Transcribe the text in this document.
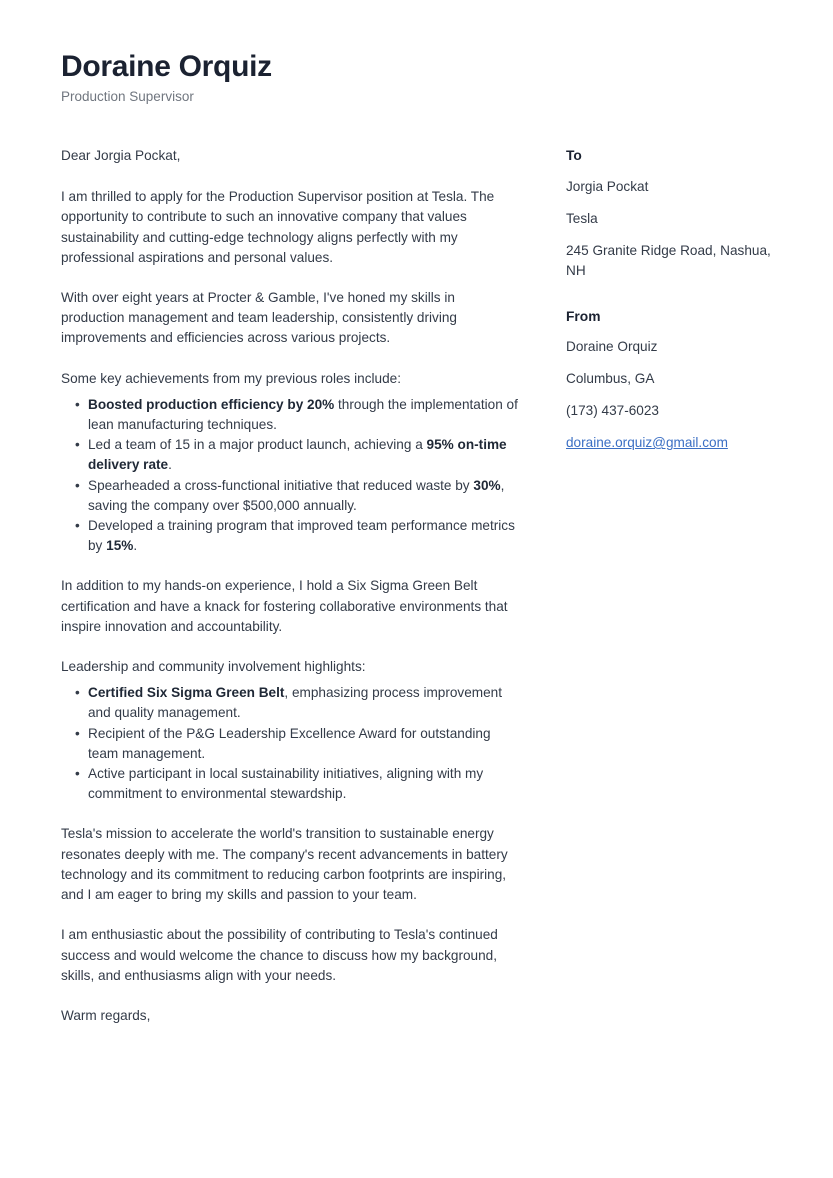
Doraine Orquiz
Production Supervisor

Dear Jorgia Pockat,

I am thrilled to apply for the Production Supervisor position at Tesla. The opportunity to contribute to such an innovative company that values sustainability and cutting-edge technology aligns perfectly with my professional aspirations and personal values.

With over eight years at Procter & Gamble, I've honed my skills in production management and team leadership, consistently driving improvements and efficiencies across various projects.

Some key achievements from my previous roles include:

• Boosted production efficiency by 20% through the implementation of lean manufacturing techniques.
• Led a team of 15 in a major product launch, achieving a 95% on-time delivery rate.
• Spearheaded a cross-functional initiative that reduced waste by 30%, saving the company over $500,000 annually.
• Developed a training program that improved team performance metrics by 15%.

In addition to my hands-on experience, I hold a Six Sigma Green Belt certification and have a knack for fostering collaborative environments that inspire innovation and accountability.

Leadership and community involvement highlights:

• Certified Six Sigma Green Belt, emphasizing process improvement and quality management.
• Recipient of the P&G Leadership Excellence Award for outstanding team management.
• Active participant in local sustainability initiatives, aligning with my commitment to environmental stewardship.

Tesla's mission to accelerate the world's transition to sustainable energy resonates deeply with me. The company's recent advancements in battery technology and its commitment to reducing carbon footprints are inspiring, and I am eager to bring my skills and passion to your team.

I am enthusiastic about the possibility of contributing to Tesla's continued success and would welcome the chance to discuss how my background, skills, and enthusiasms align with your needs.

Warm regards,

To
Jorgia Pockat
Tesla
245 Granite Ridge Road, Nashua, NH
From
Doraine Orquiz
Columbus, GA
(173) 437-6023
doraine.orquiz@gmail.com
